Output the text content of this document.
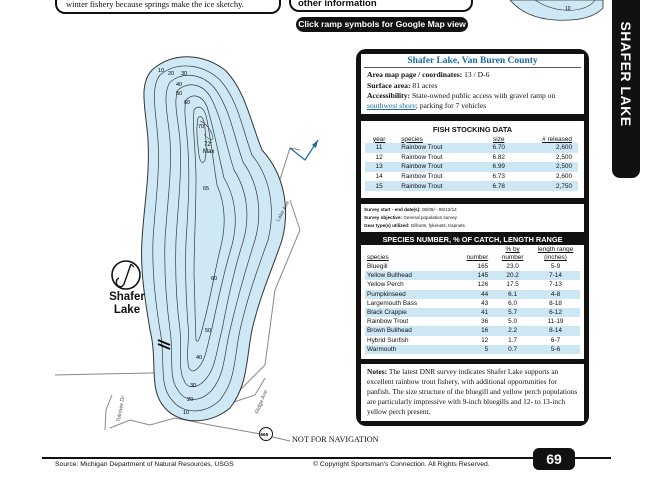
winter fishery because springs make the ice sketchy.	other information
Click ramp symbols for Google Map view
10
SHAFER LAKE
10 20 30
40
50
60
70
72'
Max
65
60
50
40
30
20
10
Lake Ave
Ridge Ave
Tolrowe Dr
665
Shafer
Lake
NOT FOR NAVIGATION
Shafer Lake, Van Buren County
Area map page / coordinates: 13 / D-6
Surface area: 81 acres
Accessibility: State-owned public access with gravel ramp on
southwest shore; parking for 7 vehicles
FISH STOCKING DATA
year	species	size	# released
11	Rainbow Trout	6.70	2,600
12	Rainbow Trout	6.82	2,500
13	Rainbow Trout	6.99	2,500
14	Rainbow Trout	6.73	2,600
15	Rainbow Trout	6.78	2,750
Survey start - end date(s): 06/09/ - 06/12/14
Survey objective: General population survey
Gear type(s) utilized: Gillnets, fykenets, trapnets
SPECIES NUMBER, % OF CATCH, LENGTH RANGE
		% by	length range
species	number	number	(inches)
Bluegill	165	23.0	5-9
Yellow Bullhead	145	20.2	7-14
Yellow Perch	126	17.5	7-13
Pumpkinseed	44	6.1	4-8
Largemouth Bass	43	6.0	8-18
Black Crappie	41	5.7	6-12
Rainbow Trout	36	5.0	11-19
Brown Bullhead	16	2.2	8-14
Hybrid Sunfish	12	1.7	6-7
Warmouth	5	0.7	5-6
Notes: The latest DNR survey indicates Shafer Lake supports an excellent rainbow trout fishery, with additional opportunities for panfish. The size structure of the bluegill and yellow perch populations are particularly impressive with 9-inch bluegills and 12- to 13-inch yellow perch present.
Source: Michigan Department of Natural Resources, USGS	© Copyright Sportsman's Connection. All Rights Reserved.	69
